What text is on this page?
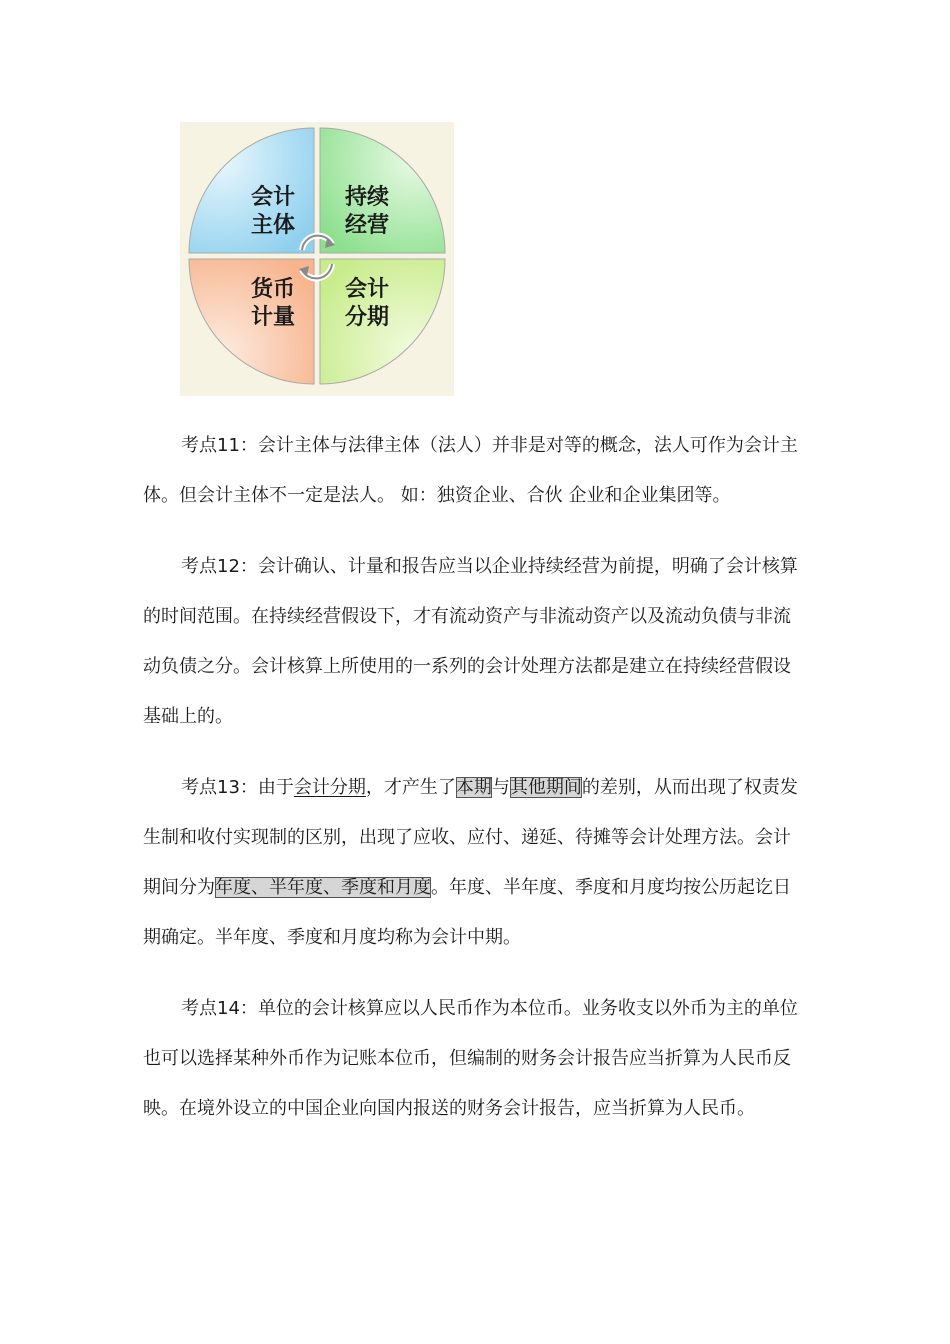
会计
主体
持续
经营
货币
计量
会计
分期

考点11：会计主体与法律主体（法人）并非是对等的概念，法人可作为会计主体。但会计主体不一定是法人。 如：独资企业、合伙 企业和企业集团等。

考点12：会计确认、计量和报告应当以企业持续经营为前提，明确了会计核算的时间范围。在持续经营假设下，才有流动资产与非流动资产以及流动负债与非流动负债之分。会计核算上所使用的一系列的会计处理方法都是建立在持续经营假设基础上的。

考点13：由于会计分期，才产生了本期与其他期间的差别，从而出现了权责发生制和收付实现制的区别，出现了应收、应付、递延、待摊等会计处理方法。会计期间分为年度、半年度、季度和月度。年度、半年度、季度和月度均按公历起讫日期确定。半年度、季度和月度均称为会计中期。

考点14：单位的会计核算应以人民币作为本位币。业务收支以外币为主的单位也可以选择某种外币作为记账本位币，但编制的财务会计报告应当折算为人民币反映。在境外设立的中国企业向国内报送的财务会计报告，应当折算为人民币。
